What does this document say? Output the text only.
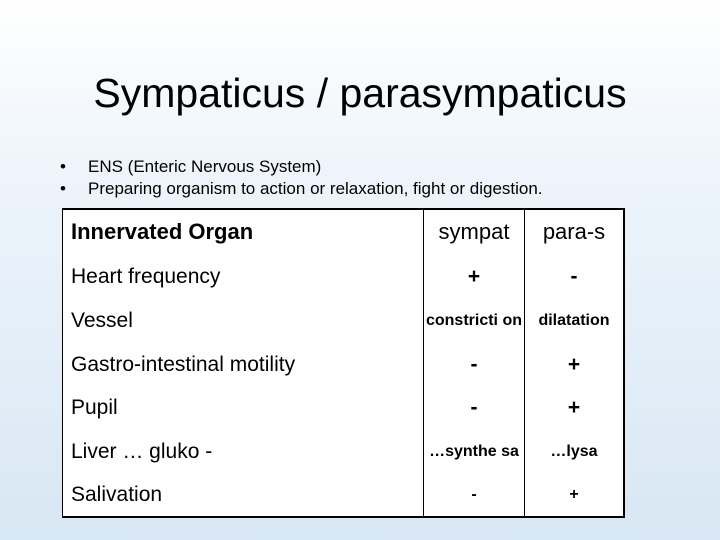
Sympaticus / parasympaticus
• ENS (Enteric Nervous System)
• Preparing organism to action or relaxation, fight or digestion.
Innervated Organ	sympat	para-s
Heart frequency	+	-
Vessel	constricti on	dilatation
Gastro-intestinal motility	-	+
Pupil	-	+
Liver … gluko -	…synthe sa	…lysa
Salivation	-	+
